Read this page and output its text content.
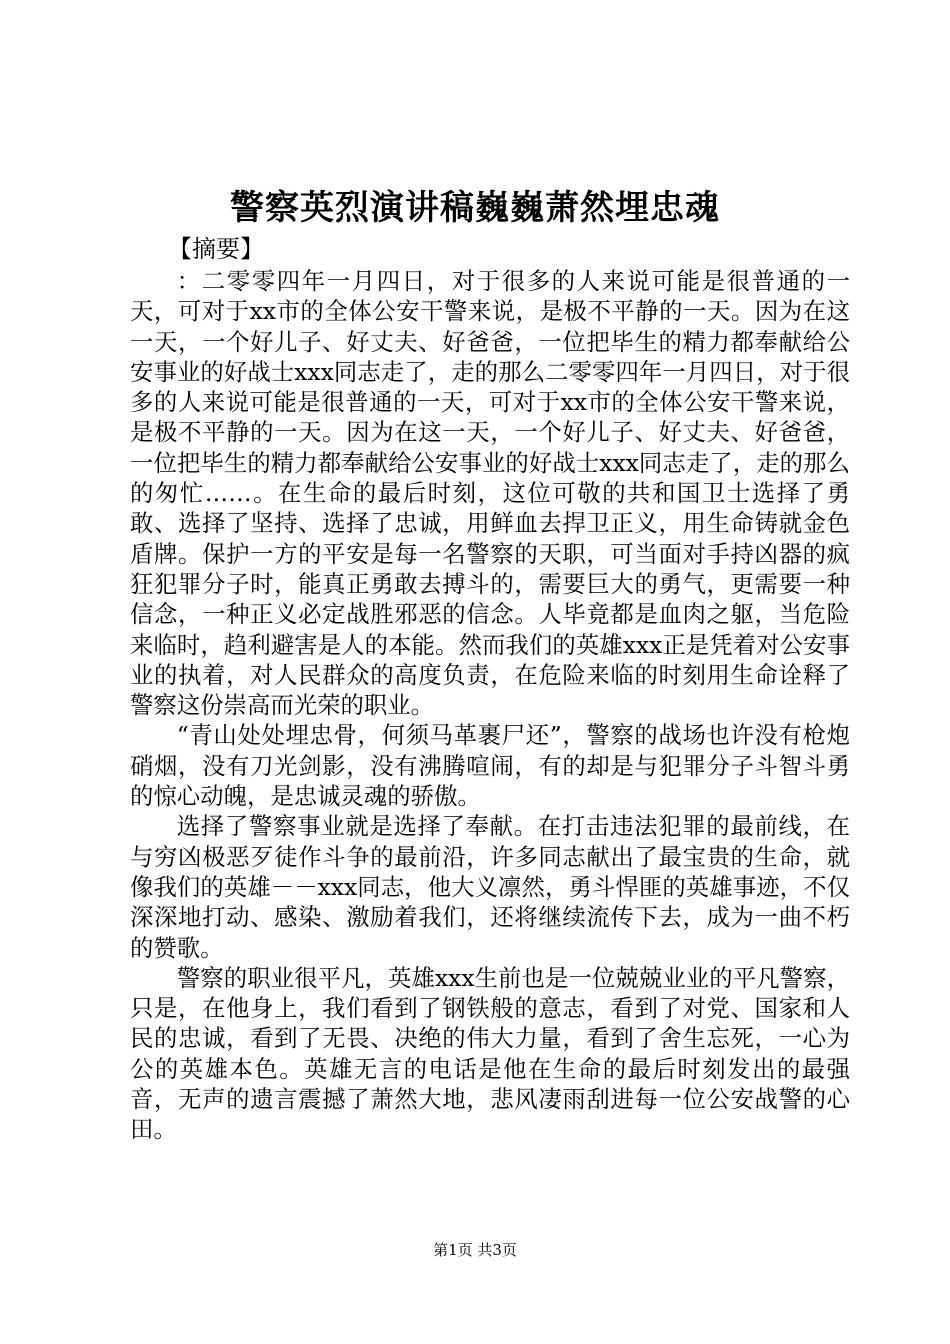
警察英烈演讲稿巍巍萧然埋忠魂
【摘要】

：二零零四年一月四日，对于很多的人来说可能是很普通的一天，可对于xx市的全体公安干警来说，是极不平静的一天。因为在这一天，一个好儿子、好丈夫、好爸爸，一位把毕生的精力都奉献给公安事业的好战士xxx同志走了，走的那么二零零四年一月四日，对于很多的人来说可能是很普通的一天，可对于xx市的全体公安干警来说，是极不平静的一天。因为在这一天，一个好儿子、好丈夫、好爸爸，一位把毕生的精力都奉献给公安事业的好战士xxx同志走了，走的那么的匆忙……。在生命的最后时刻，这位可敬的共和国卫士选择了勇敢、选择了坚持、选择了忠诚，用鲜血去捍卫正义，用生命铸就金色盾牌。保护一方的平安是每一名警察的天职，可当面对手持凶器的疯狂犯罪分子时，能真正勇敢去搏斗的，需要巨大的勇气，更需要一种信念，一种正义必定战胜邪恶的信念。人毕竟都是血肉之躯，当危险来临时，趋利避害是人的本能。然而我们的英雄xxx正是凭着对公安事业的执着，对人民群众的高度负责，在危险来临的时刻用生命诠释了警察这份崇高而光荣的职业。

“青山处处埋忠骨，何须马革裹尸还”，警察的战场也许没有枪炮硝烟，没有刀光剑影，没有沸腾喧闹，有的却是与犯罪分子斗智斗勇的惊心动魄，是忠诚灵魂的骄傲。

选择了警察事业就是选择了奉献。在打击违法犯罪的最前线，在与穷凶极恶歹徒作斗争的最前沿，许多同志献出了最宝贵的生命，就像我们的英雄－－xxx同志，他大义凛然，勇斗悍匪的英雄事迹，不仅深深地打动、感染、激励着我们，还将继续流传下去，成为一曲不朽的赞歌。

警察的职业很平凡，英雄xxx生前也是一位兢兢业业的平凡警察，只是，在他身上，我们看到了钢铁般的意志，看到了对党、国家和人民的忠诚，看到了无畏、决绝的伟大力量，看到了舍生忘死，一心为公的英雄本色。英雄无言的电话是他在生命的最后时刻发出的最强音，无声的遗言震撼了萧然大地，悲风凄雨刮进每一位公安战警的心田。

第1页 共3页
